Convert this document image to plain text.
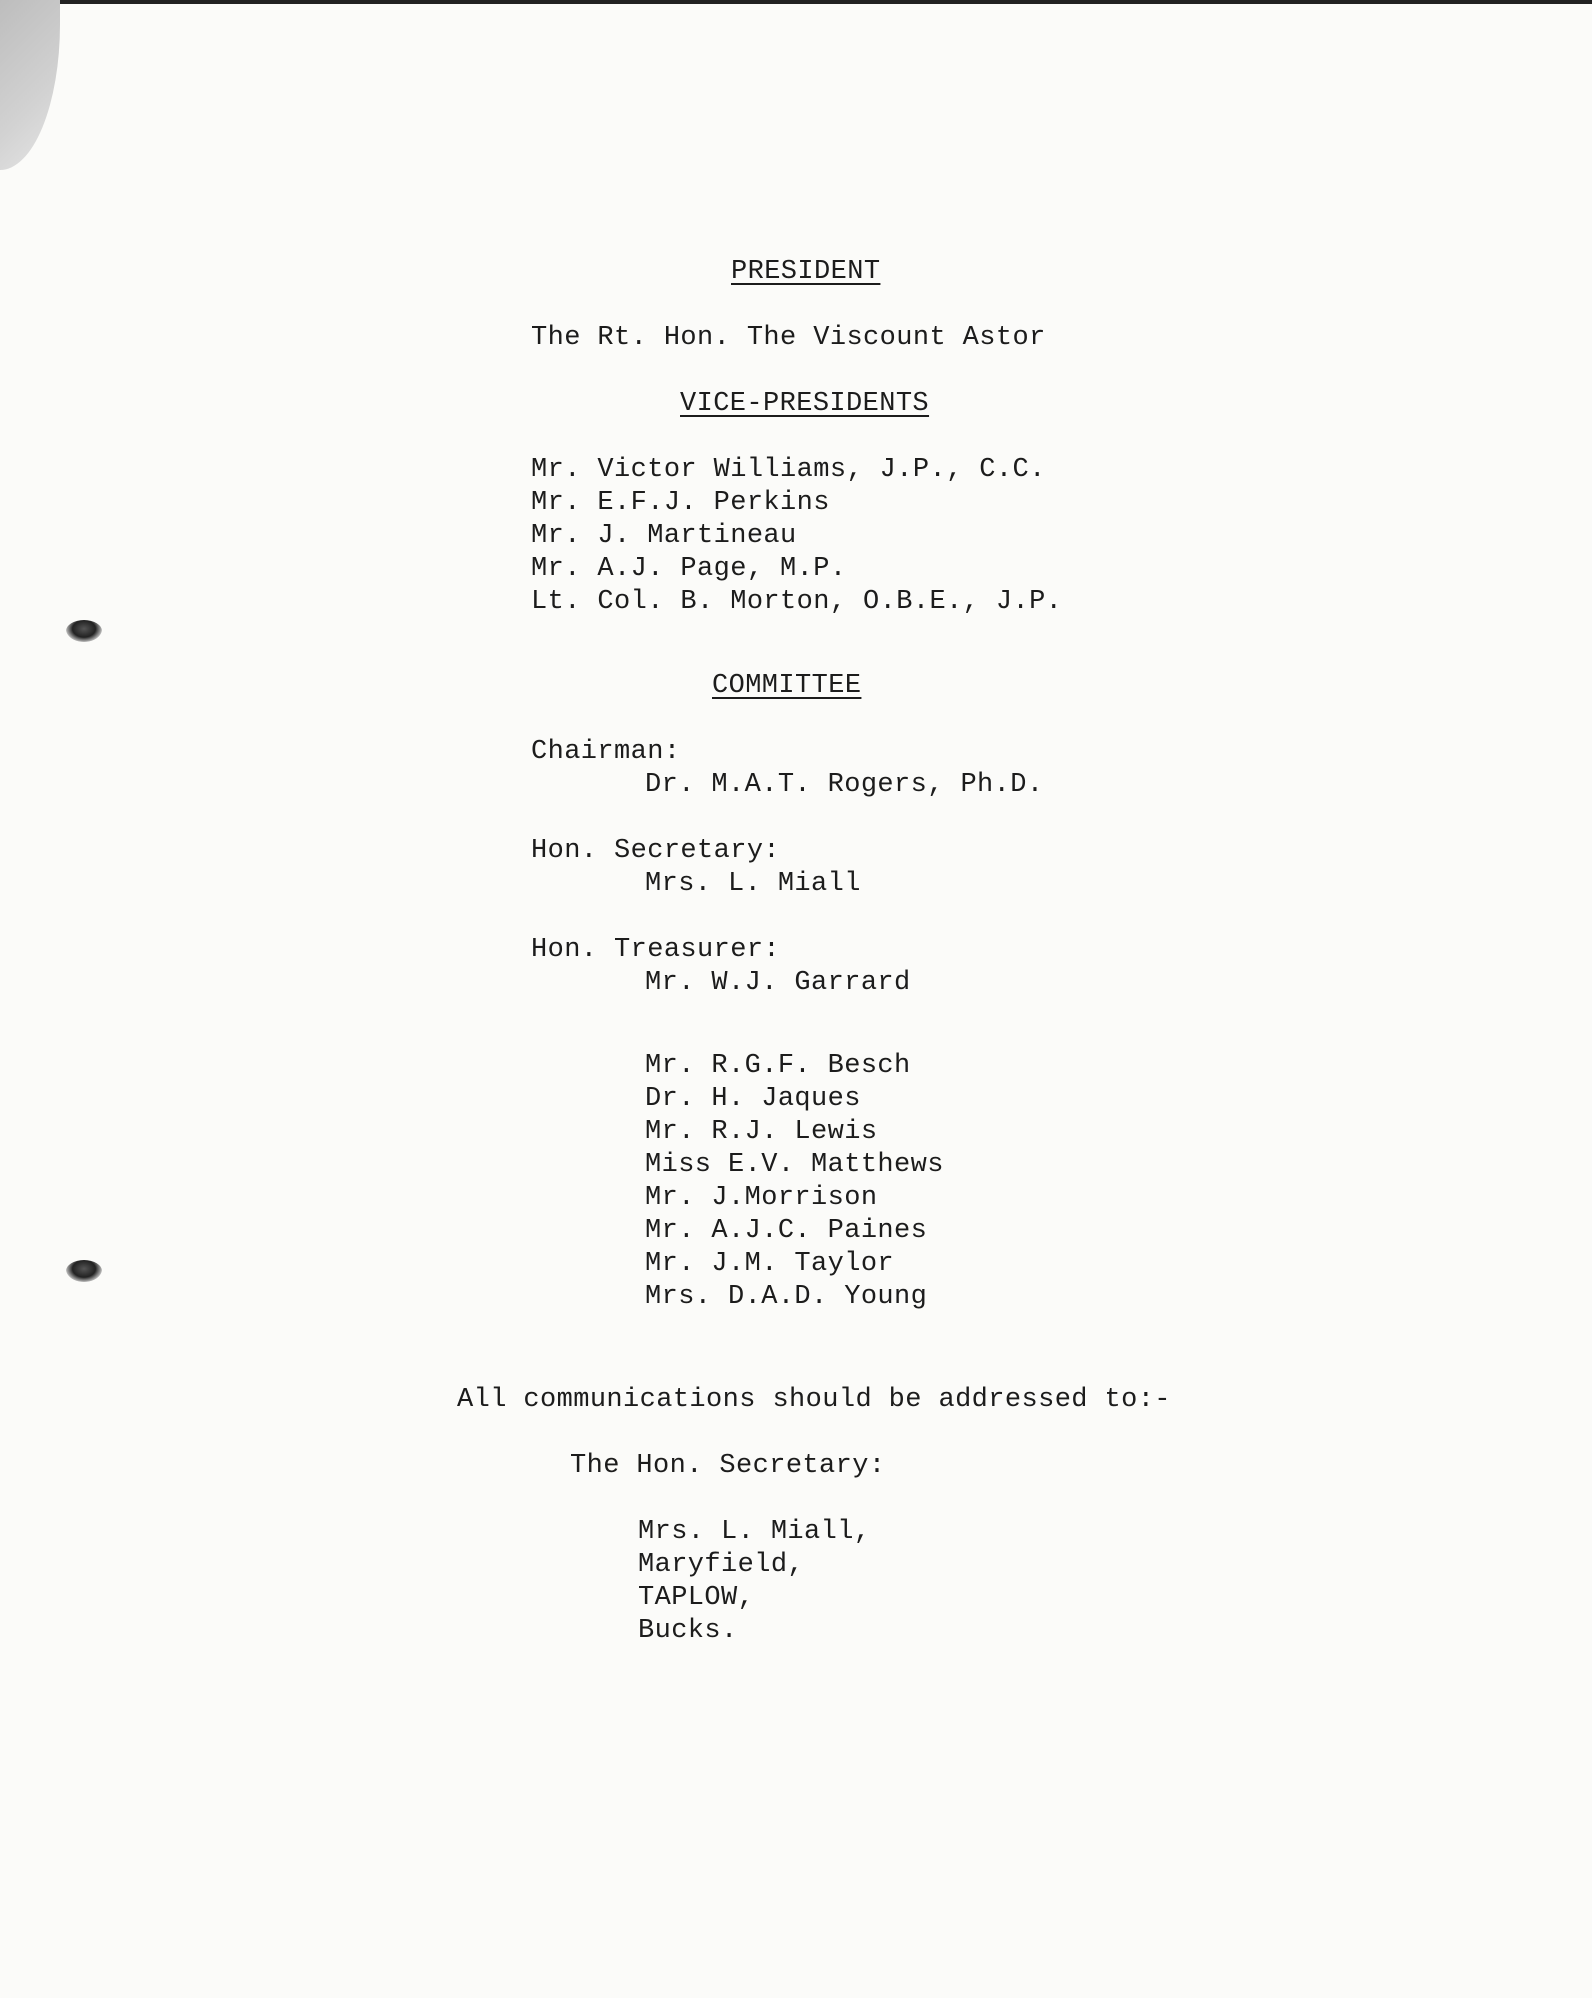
PRESIDENT
The Rt. Hon. The Viscount Astor
VICE-PRESIDENTS
Mr. Victor Williams, J.P., C.C.
Mr. E.F.J. Perkins
Mr. J. Martineau
Mr. A.J. Page, M.P.
Lt. Col. B. Morton, O.B.E., J.P.
COMMITTEE
Chairman:
Dr. M.A.T. Rogers, Ph.D.
Hon. Secretary:
Mrs. L. Miall
Hon. Treasurer:
Mr. W.J. Garrard
Mr. R.G.F. Besch
Dr. H. Jaques
Mr. R.J. Lewis
Miss E.V. Matthews
Mr. J.Morrison
Mr. A.J.C. Paines
Mr. J.M. Taylor
Mrs. D.A.D. Young
All communications should be addressed to:-
The Hon. Secretary:
Mrs. L. Miall,
Maryfield,
TAPLOW,
Bucks.
